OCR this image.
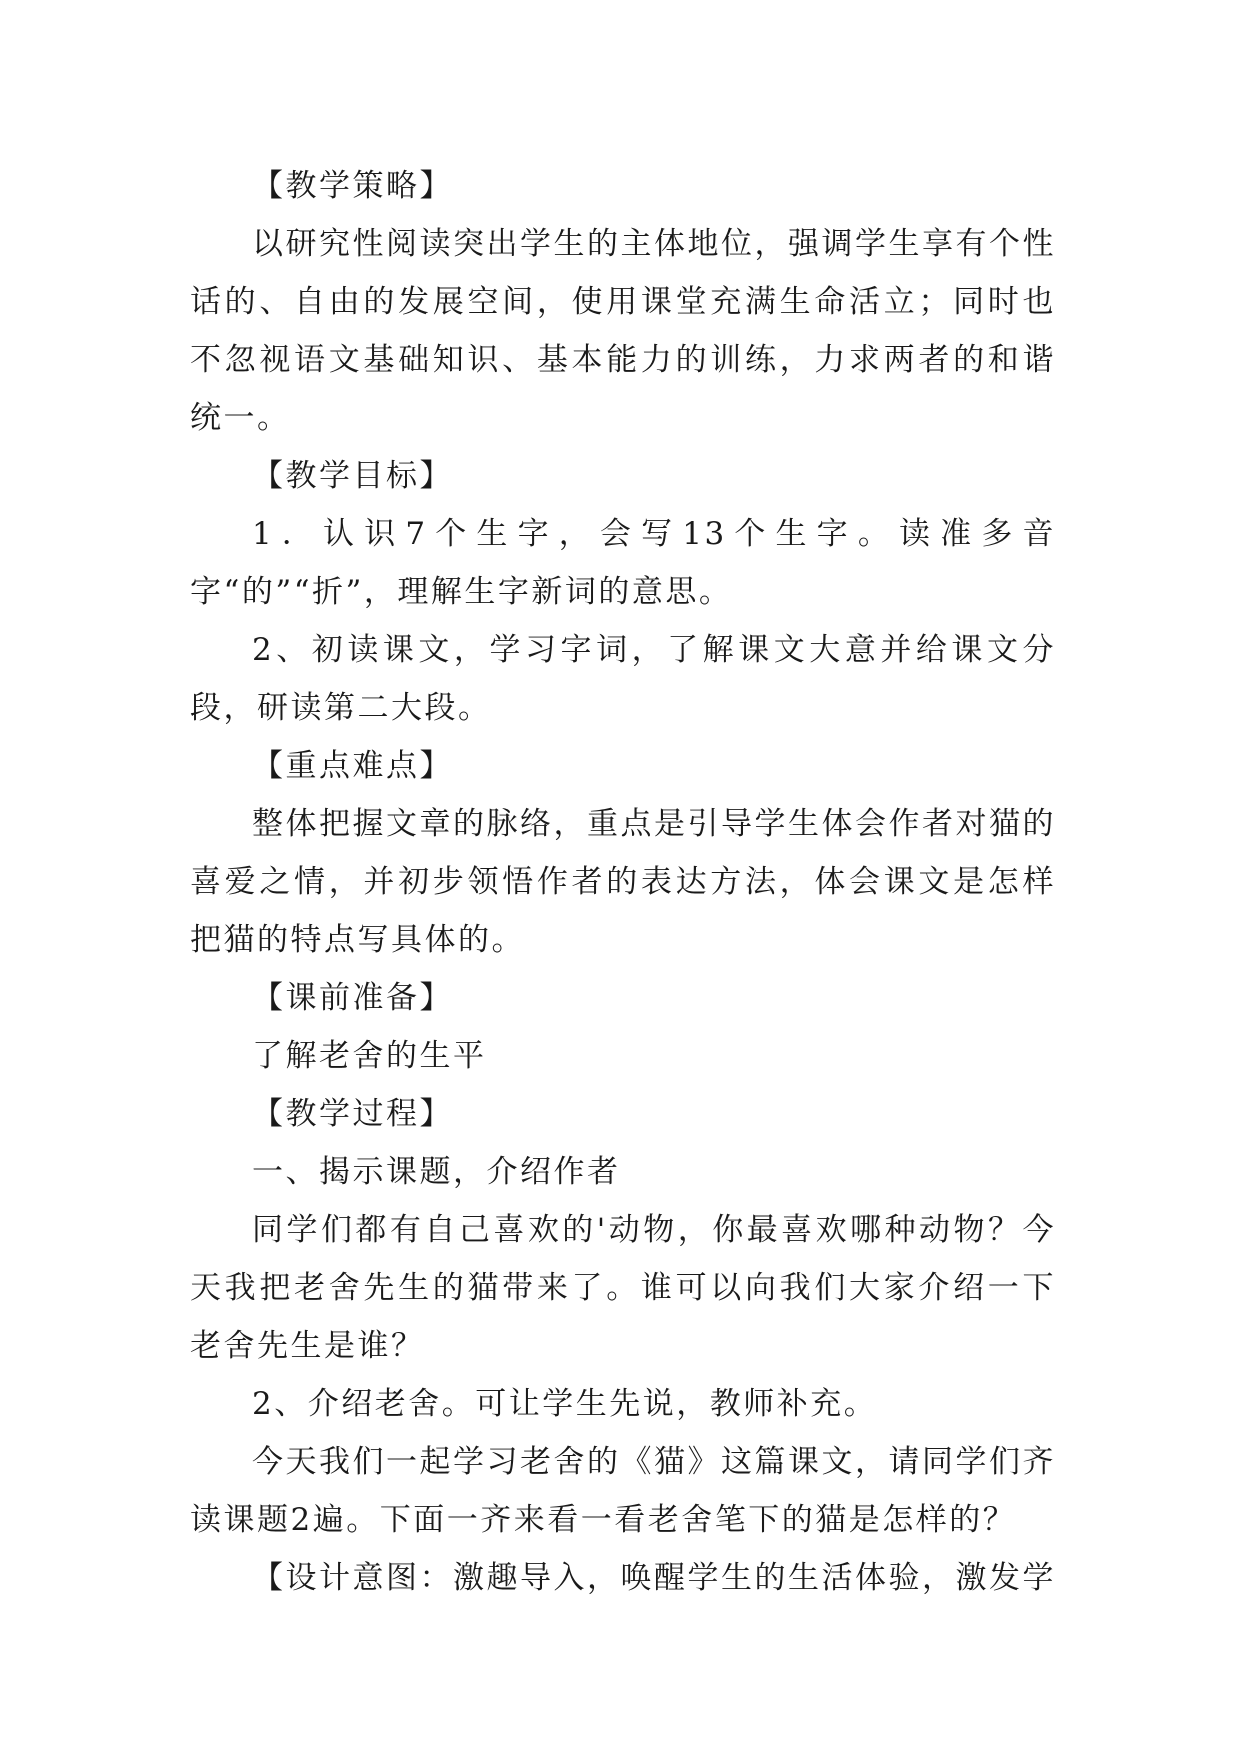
【教学策略】

以研究性阅读突出学生的主体地位，强调学生享有个性话的、自由的发展空间，使用课堂充满生命活立；同时也不忽视语文基础知识、基本能力的训练，力求两者的和谐统一。

【教学目标】

1．认识7个生字，会写13个生字。读准多音字“的”“折”，理解生字新词的意思。

2、初读课文，学习字词，了解课文大意并给课文分段，研读第二大段。

【重点难点】

整体把握文章的脉络，重点是引导学生体会作者对猫的喜爱之情，并初步领悟作者的表达方法，体会课文是怎样把猫的特点写具体的。

【课前准备】

了解老舍的生平

【教学过程】

一、揭示课题，介绍作者

同学们都有自己喜欢的'动物，你最喜欢哪种动物？今天我把老舍先生的猫带来了。谁可以向我们大家介绍一下老舍先生是谁？

2、介绍老舍。可让学生先说，教师补充。

今天我们一起学习老舍的《猫》这篇课文，请同学们齐读课题2遍。下面一齐来看一看老舍笔下的猫是怎样的？

【设计意图：激趣导入，唤醒学生的生活体验，激发学
